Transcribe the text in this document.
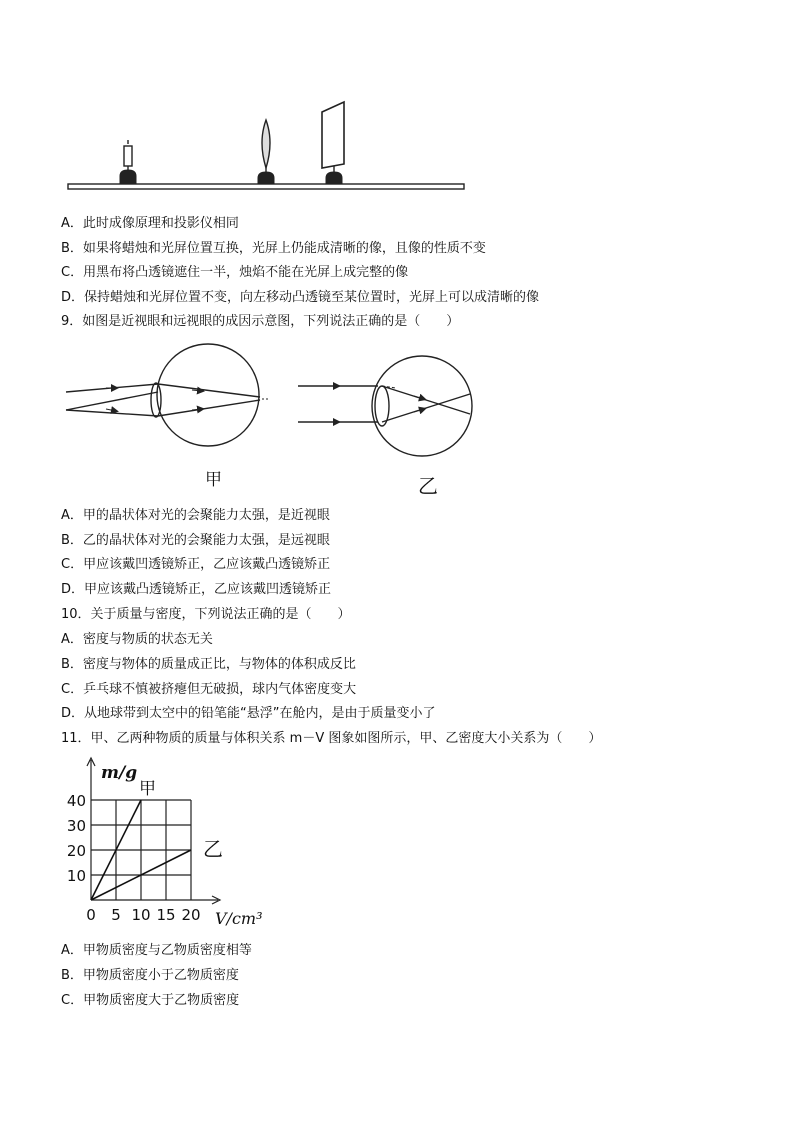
A．此时成像原理和投影仪相同
B．如果将蜡烛和光屏位置互换，光屏上仍能成清晰的像，且像的性质不变
C．用黑布将凸透镜遮住一半，烛焰不能在光屏上成完整的像
D．保持蜡烛和光屏位置不变，向左移动凸透镜至某位置时，光屏上可以成清晰的像
9．如图是近视眼和远视眼的成因示意图，下列说法正确的是（　　）
甲	乙
A．甲的晶状体对光的会聚能力太强，是近视眼
B．乙的晶状体对光的会聚能力太强，是远视眼
C．甲应该戴凹透镜矫正，乙应该戴凸透镜矫正
D．甲应该戴凸透镜矫正，乙应该戴凹透镜矫正
10．关于质量与密度，下列说法正确的是（　　）
A．密度与物质的状态无关
B．密度与物体的质量成正比，与物体的体积成反比
C．乒乓球不慎被挤瘪但无破损，球内气体密度变大
D．从地球带到太空中的铅笔能“悬浮”在舱内，是由于质量变小了
11．甲、乙两种物质的质量与体积关系 m－V 图象如图所示，甲、乙密度大小关系为（　　）
0 5 10 15 20
10
20
30
40
m/g
V/cm³
甲
乙
A．甲物质密度与乙物质密度相等
B．甲物质密度小于乙物质密度
C．甲物质密度大于乙物质密度
